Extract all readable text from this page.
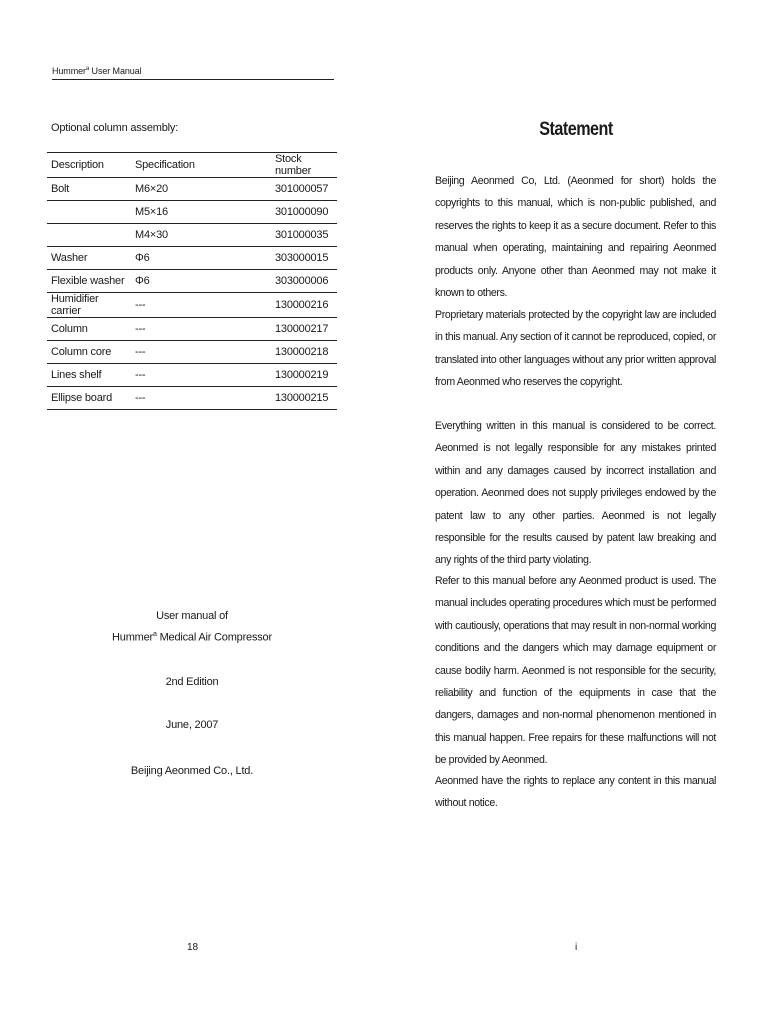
Hummer$^a$ User Manual
Optional column assembly:
Description	Specification	Stock number
Bolt	M6×20	301000057
	M5×16	301000090
	M4×30	301000035
Washer	Φ6	303000015
Flexible washer	Φ6	303000006
Humidifier carrier	---	130000216
Column	---	130000217
Column core	---	130000218
Lines shelf	---	130000219
Ellipse board	---	130000215
User manual of
Hummer$^a$ Medical Air Compressor
2nd Edition
June, 2007
Beijing Aeonmed Co., Ltd.
18
Statement
Beijing Aeonmed Co, Ltd. (Aeonmed for short) holds the copyrights to this manual, which is non-public published, and reserves the rights to keep it as a secure document. Refer to this manual when operating, maintaining and repairing Aeonmed products only. Anyone other than Aeonmed may not make it known to others.
Proprietary materials protected by the copyright law are included in this manual. Any section of it cannot be reproduced, copied, or translated into other languages without any prior written approval from Aeonmed who reserves the copyright.
Everything written in this manual is considered to be correct. Aeonmed is not legally responsible for any mistakes printed within and any damages caused by incorrect installation and operation. Aeonmed does not supply privileges endowed by the patent law to any other parties. Aeonmed is not legally responsible for the results caused by patent law breaking and any rights of the third party violating.
Refer to this manual before any Aeonmed product is used. The manual includes operating procedures which must be performed with cautiously, operations that may result in non-normal working conditions and the dangers which may damage equipment or cause bodily harm. Aeonmed is not responsible for the security, reliability and function of the equipments in case that the dangers, damages and non-normal phenomenon mentioned in this manual happen. Free repairs for these malfunctions will not be provided by Aeonmed.
Aeonmed have the rights to replace any content in this manual without notice.
i
